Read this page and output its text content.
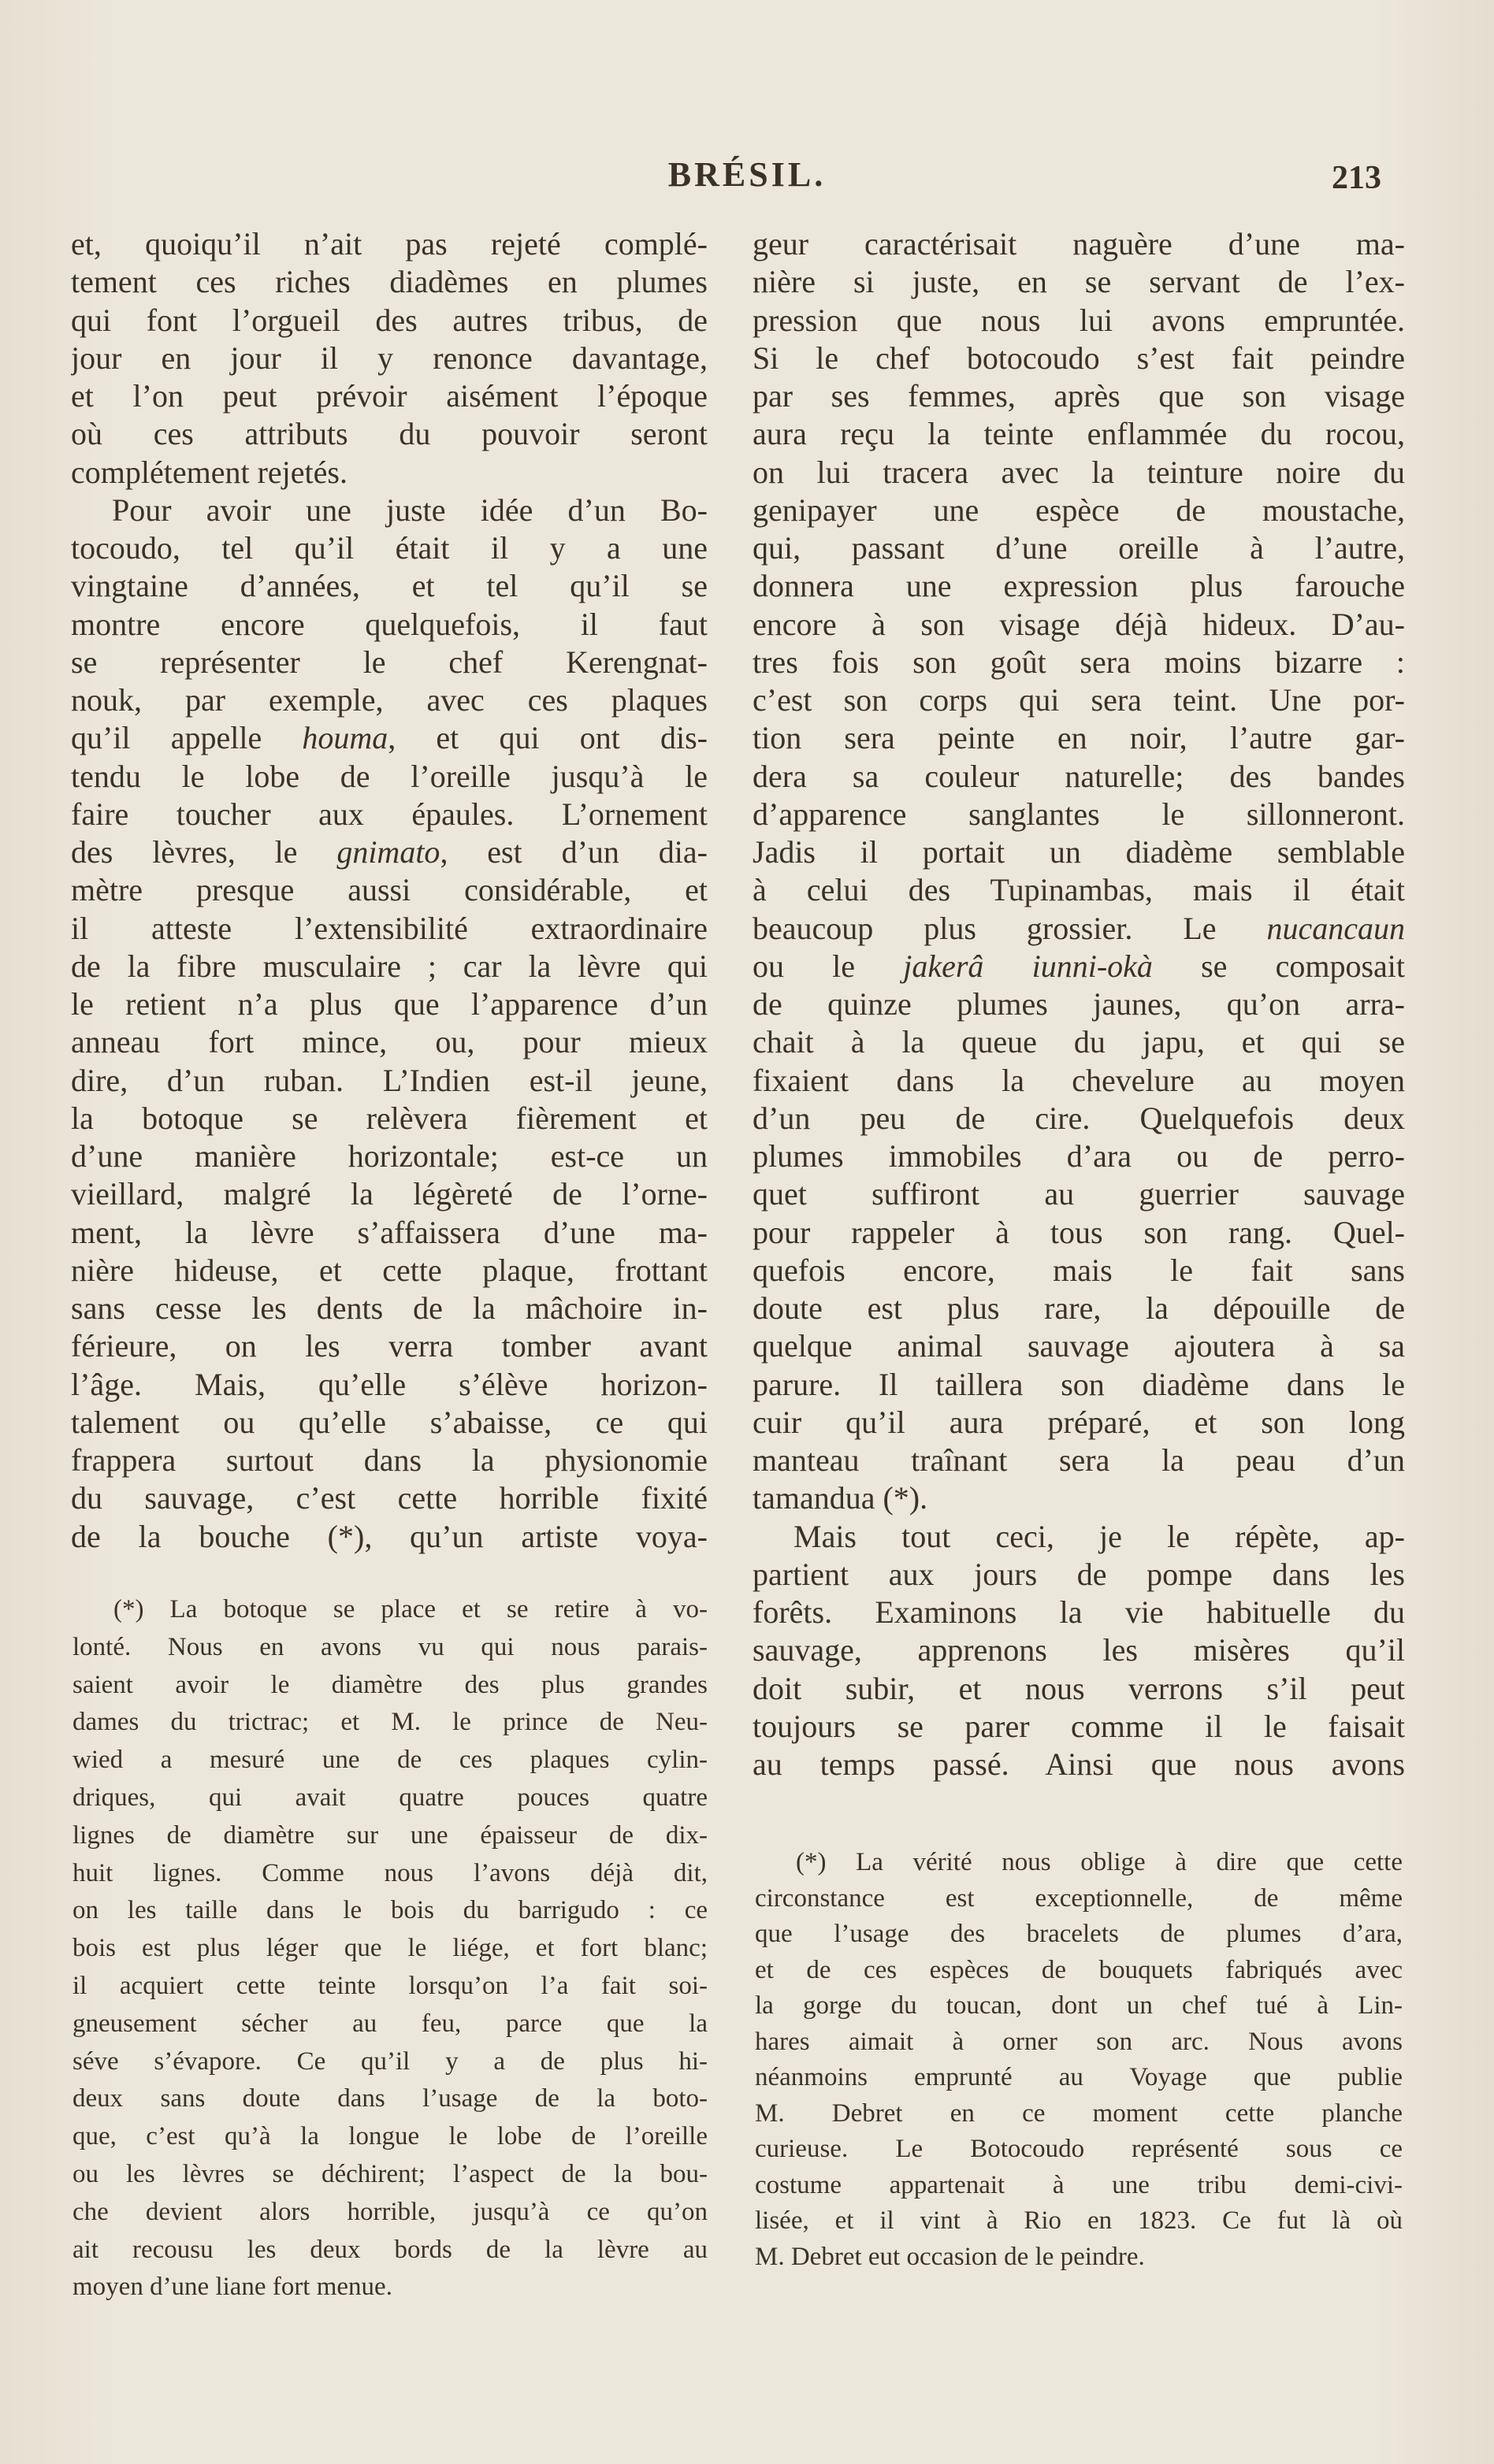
BRÉSIL.	213
et, quoiqu’il n’ait pas rejeté complé-
tement ces riches diadèmes en plumes
qui font l’orgueil des autres tribus, de
jour en jour il y renonce davantage,
et l’on peut prévoir aisément l’époque
où ces attributs du pouvoir seront
complétement rejetés.
Pour avoir une juste idée d’un Bo-
tocoudo, tel qu’il était il y a une
vingtaine d’années, et tel qu’il se
montre encore quelquefois, il faut
se représenter le chef Kerengnat-
nouk, par exemple, avec ces plaques
qu’il appelle houma, et qui ont dis-
tendu le lobe de l’oreille jusqu’à le
faire toucher aux épaules. L’ornement
des lèvres, le gnimato, est d’un dia-
mètre presque aussi considérable, et
il atteste l’extensibilité extraordinaire
de la fibre musculaire ; car la lèvre qui
le retient n’a plus que l’apparence d’un
anneau fort mince, ou, pour mieux
dire, d’un ruban. L’Indien est-il jeune,
la botoque se relèvera fièrement et
d’une manière horizontale; est-ce un
vieillard, malgré la légèreté de l’orne-
ment, la lèvre s’affaissera d’une ma-
nière hideuse, et cette plaque, frottant
sans cesse les dents de la mâchoire in-
férieure, on les verra tomber avant
l’âge. Mais, qu’elle s’élève horizon-
talement ou qu’elle s’abaisse, ce qui
frappera surtout dans la physionomie
du sauvage, c’est cette horrible fixité
de la bouche (*), qu’un artiste voya-
geur caractérisait naguère d’une ma-
nière si juste, en se servant de l’ex-
pression que nous lui avons empruntée.
Si le chef botocoudo s’est fait peindre
par ses femmes, après que son visage
aura reçu la teinte enflammée du rocou,
on lui tracera avec la teinture noire du
genipayer une espèce de moustache,
qui, passant d’une oreille à l’autre,
donnera une expression plus farouche
encore à son visage déjà hideux. D’au-
tres fois son goût sera moins bizarre :
c’est son corps qui sera teint. Une por-
tion sera peinte en noir, l’autre gar-
dera sa couleur naturelle; des bandes
d’apparence sanglantes le sillonneront.
Jadis il portait un diadème semblable
à celui des Tupinambas, mais il était
beaucoup plus grossier. Le nucancaun
ou le jakerâ iunni-okà se composait
de quinze plumes jaunes, qu’on arra-
chait à la queue du japu, et qui se
fixaient dans la chevelure au moyen
d’un peu de cire. Quelquefois deux
plumes immobiles d’ara ou de perro-
quet suffiront au guerrier sauvage
pour rappeler à tous son rang. Quel-
quefois encore, mais le fait sans
doute est plus rare, la dépouille de
quelque animal sauvage ajoutera à sa
parure. Il taillera son diadème dans le
cuir qu’il aura préparé, et son long
manteau traînant sera la peau d’un
tamandua (*).
Mais tout ceci, je le répète, ap-
partient aux jours de pompe dans les
forêts. Examinons la vie habituelle du
sauvage, apprenons les misères qu’il
doit subir, et nous verrons s’il peut
toujours se parer comme il le faisait
au temps passé. Ainsi que nous avons
(*) La botoque se place et se retire à vo-
lonté. Nous en avons vu qui nous parais-
saient avoir le diamètre des plus grandes
dames du trictrac; et M. le prince de Neu-
wied a mesuré une de ces plaques cylin-
driques, qui avait quatre pouces quatre
lignes de diamètre sur une épaisseur de dix-
huit lignes. Comme nous l’avons déjà dit,
on les taille dans le bois du barrigudo : ce
bois est plus léger que le liége, et fort blanc;
il acquiert cette teinte lorsqu’on l’a fait soi-
gneusement sécher au feu, parce que la
séve s’évapore. Ce qu’il y a de plus hi-
deux sans doute dans l’usage de la boto-
que, c’est qu’à la longue le lobe de l’oreille
ou les lèvres se déchirent; l’aspect de la bou-
che devient alors horrible, jusqu’à ce qu’on
ait recousu les deux bords de la lèvre au
moyen d’une liane fort menue.
(*) La vérité nous oblige à dire que cette
circonstance est exceptionnelle, de même
que l’usage des bracelets de plumes d’ara,
et de ces espèces de bouquets fabriqués avec
la gorge du toucan, dont un chef tué à Lin-
hares aimait à orner son arc. Nous avons
néanmoins emprunté au Voyage que publie
M. Debret en ce moment cette planche
curieuse. Le Botocoudo représenté sous ce
costume appartenait à une tribu demi-civi-
lisée, et il vint à Rio en 1823. Ce fut là où
M. Debret eut occasion de le peindre.
